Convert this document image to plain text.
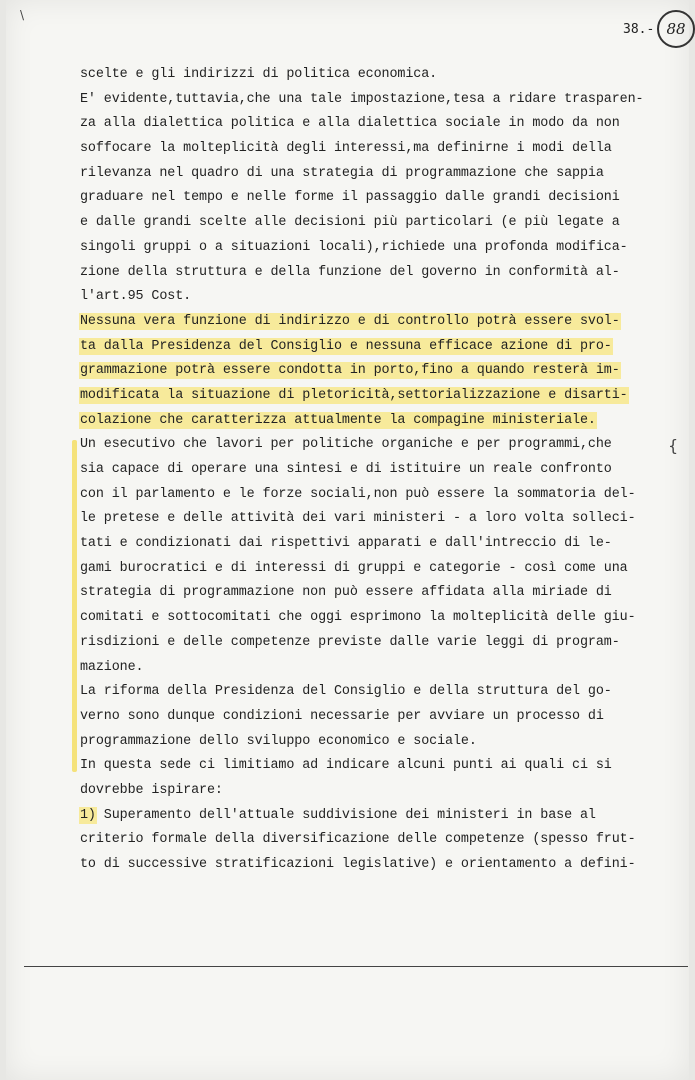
38.- 88
scelte e gli indirizzi di politica economica.
E' evidente,tuttavia,che una tale impostazione,tesa a ridare trasparen-
za alla dialettica politica e alla dialettica sociale in modo da non
soffocare la molteplicità degli interessi,ma definirne i modi della
rilevanza nel quadro di una strategia di programmazione che sappia
graduare nel tempo e nelle forme il passaggio dalle grandi decisioni
e dalle grandi scelte alle decisioni più particolari (e più legate a
singoli gruppi o a situazioni locali),richiede una profonda modifica-
zione della struttura e della funzione del governo in conformità al-
l'art.95 Cost.
Nessuna vera funzione di indirizzo e di controllo potrà essere svol-
ta dalla Presidenza del Consiglio e nessuna efficace azione di pro-
grammazione potrà essere condotta in porto,fino a quando resterà im-
modificata la situazione di pletoricità,settorializzazione e disarti-
colazione che caratterizza attualmente la compagine ministeriale.
Un esecutivo che lavori per politiche organiche e per programmi,che
sia capace di operare una sintesi e di istituire un reale confronto
con il parlamento e le forze sociali,non può essere la sommatoria del-
le pretese e delle attività dei vari ministeri - a loro volta solleci-
tati e condizionati dai rispettivi apparati e dall'intreccio di le-
gami burocratici e di interessi di gruppi e categorie - così come una
strategia di programmazione non può essere affidata alla miriade di
comitati e sottocomitati che oggi esprimono la molteplicità delle giu-
risdizioni e delle competenze previste dalle varie leggi di program-
mazione.
La riforma della Presidenza del Consiglio e della struttura del go-
verno sono dunque condizioni necessarie per avviare un processo di
programmazione dello sviluppo economico e sociale.
In questa sede ci limitiamo ad indicare alcuni punti ai quali ci si
dovrebbe ispirare:
1) Superamento dell'attuale suddivisione dei ministeri in base al
criterio formale della diversificazione delle competenze (spesso frut-
to di successive stratificazioni legislative) e orientamento a defini-
\
{
